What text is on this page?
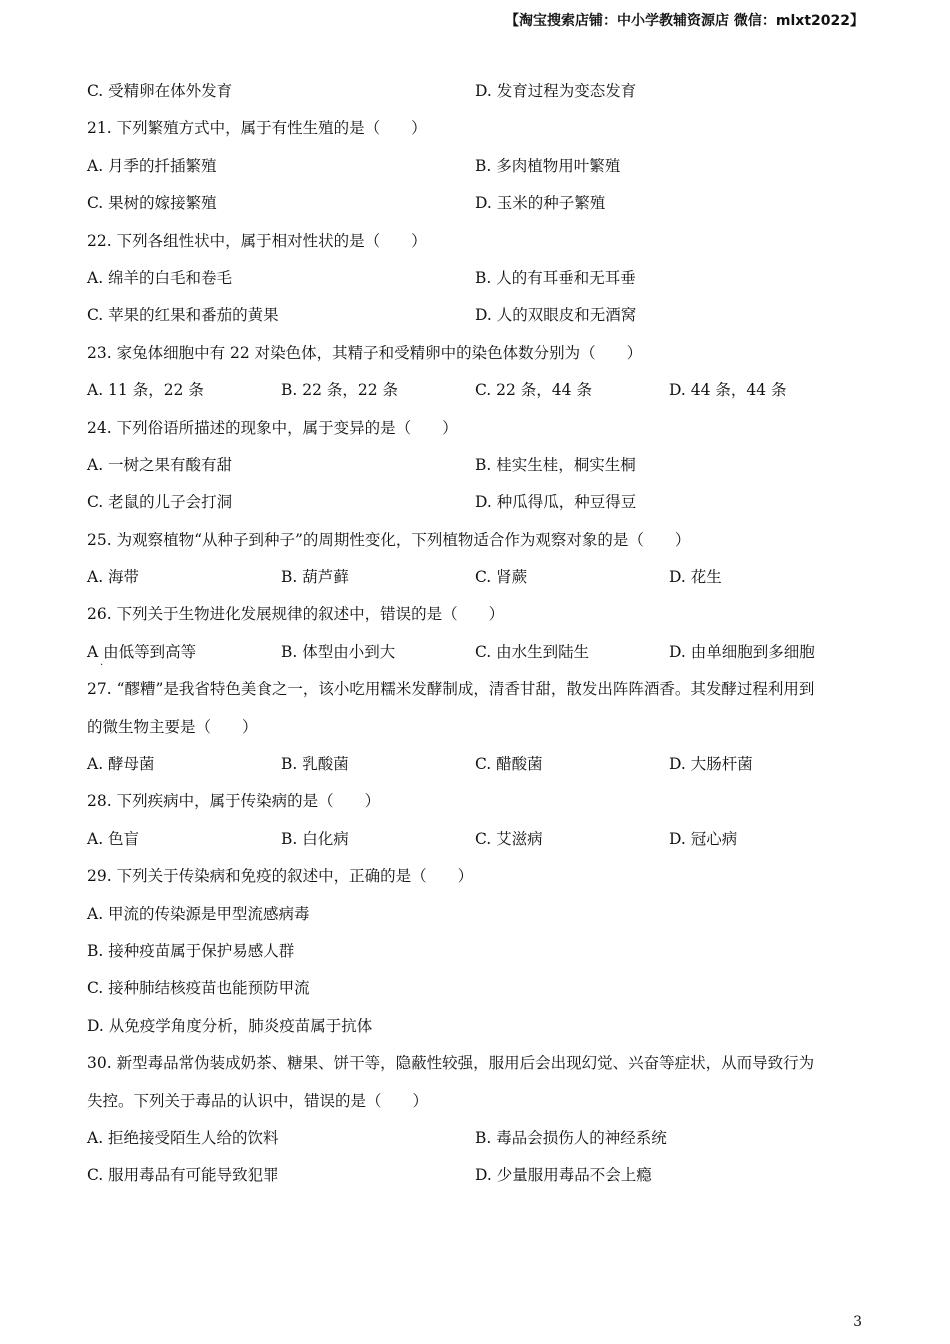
【淘宝搜索店铺：中小学教辅资源店 微信：mlxt2022】
C. 受精卵在体外发育	D. 发育过程为变态发育
21. 下列繁殖方式中，属于有性生殖的是（　　）
A. 月季的扦插繁殖	B. 多肉植物用叶繁殖
C. 果树的嫁接繁殖	D. 玉米的种子繁殖
22. 下列各组性状中，属于相对性状的是（　　）
A. 绵羊的白毛和卷毛	B. 人的有耳垂和无耳垂
C. 苹果的红果和番茄的黄果	D. 人的双眼皮和无酒窝
23. 家兔体细胞中有 22 对染色体，其精子和受精卵中的染色体数分别为（　　）
A. 11 条，22 条	B. 22 条，22 条	C. 22 条，44 条	D. 44 条，44 条
24. 下列俗语所描述的现象中，属于变异的是（　　）
A. 一树之果有酸有甜	B. 桂实生桂，桐实生桐
C. 老鼠的儿子会打洞	D. 种瓜得瓜，种豆得豆
25. 为观察植物“从种子到种子”的周期性变化，下列植物适合作为观察对象的是（　　）
A. 海带	B. 葫芦藓	C. 肾蕨	D. 花生
26. 下列关于生物进化发展规律的叙述中，错误的是（　　）
A 由低等到高等	B. 体型由小到大	C. 由水生到陆生	D. 由单细胞到多细胞
·
27. “醪糟”是我省特色美食之一，该小吃用糯米发酵制成，清香甘甜，散发出阵阵酒香。其发酵过程利用到
的微生物主要是（　　）
A. 酵母菌	B. 乳酸菌	C. 醋酸菌	D. 大肠杆菌
28. 下列疾病中，属于传染病的是（　　）
A. 色盲	B. 白化病	C. 艾滋病	D. 冠心病
29. 下列关于传染病和免疫的叙述中，正确的是（　　）
A. 甲流的传染源是甲型流感病毒
B. 接种疫苗属于保护易感人群
C. 接种肺结核疫苗也能预防甲流
D. 从免疫学角度分析，肺炎疫苗属于抗体
30. 新型毒品常伪装成奶茶、糖果、饼干等，隐蔽性较强，服用后会出现幻觉、兴奋等症状，从而导致行为
失控。下列关于毒品的认识中，错误的是（　　）
A. 拒绝接受陌生人给的饮料	B. 毒品会损伤人的神经系统
C. 服用毒品有可能导致犯罪	D. 少量服用毒品不会上瘾
3
